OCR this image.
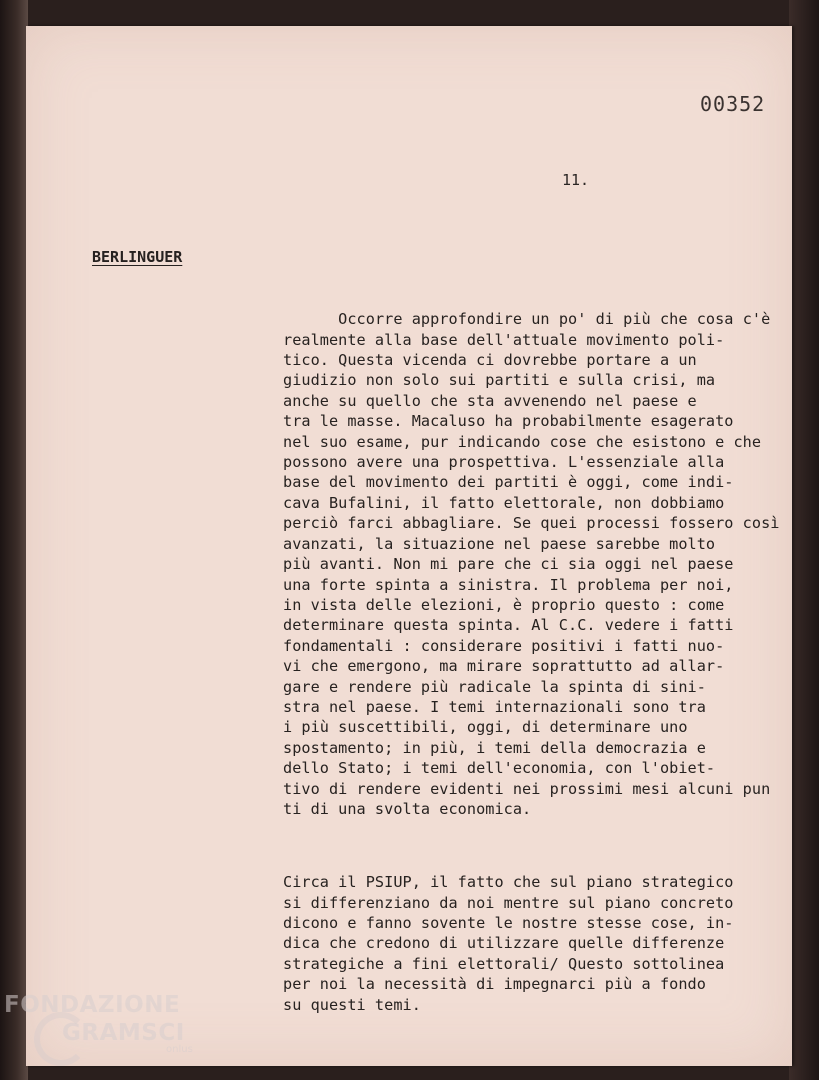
00352
11.
BERLINGUER

Occorre approfondire un po' di più che cosa c'è
realmente alla base dell'attuale movimento poli-
tico. Questa vicenda ci dovrebbe portare a un
giudizio non solo sui partiti e sulla crisi, ma
anche su quello che sta avvenendo nel paese e
tra le masse. Macaluso ha probabilmente esagerato
nel suo esame, pur indicando cose che esistono e che
possono avere una prospettiva. L'essenziale alla
base del movimento dei partiti è oggi, come indi-
cava Bufalini, il fatto elettorale, non dobbiamo
perciò farci abbagliare. Se quei processi fossero così
avanzati, la situazione nel paese sarebbe molto
più avanti. Non mi pare che ci sia oggi nel paese
una forte spinta a sinistra. Il problema per noi,
in vista delle elezioni, è proprio questo : come
determinare questa spinta. Al C.C. vedere i fatti
fondamentali : considerare positivi i fatti nuo-
vi che emergono, ma mirare soprattutto ad allar-
gare e rendere più radicale la spinta di sini-
stra nel paese. I temi internazionali sono tra
i più suscettibili, oggi, di determinare uno
spostamento; in più, i temi della democrazia e
dello Stato; i temi dell'economia, con l'obiet-
tivo di rendere evidenti nei prossimi mesi alcuni pun
ti di una svolta economica.

Circa il PSIUP, il fatto che sul piano strategico
si differenziano da noi mentre sul piano concreto
dicono e fanno sovente le nostre stesse cose, in-
dica che credono di utilizzare quelle differenze
strategiche a fini elettorali/ Questo sottolinea
per noi la necessità di impegnarci più a fondo
su questi temi.

FONDAZIONE
GRAMSCI
onlus
